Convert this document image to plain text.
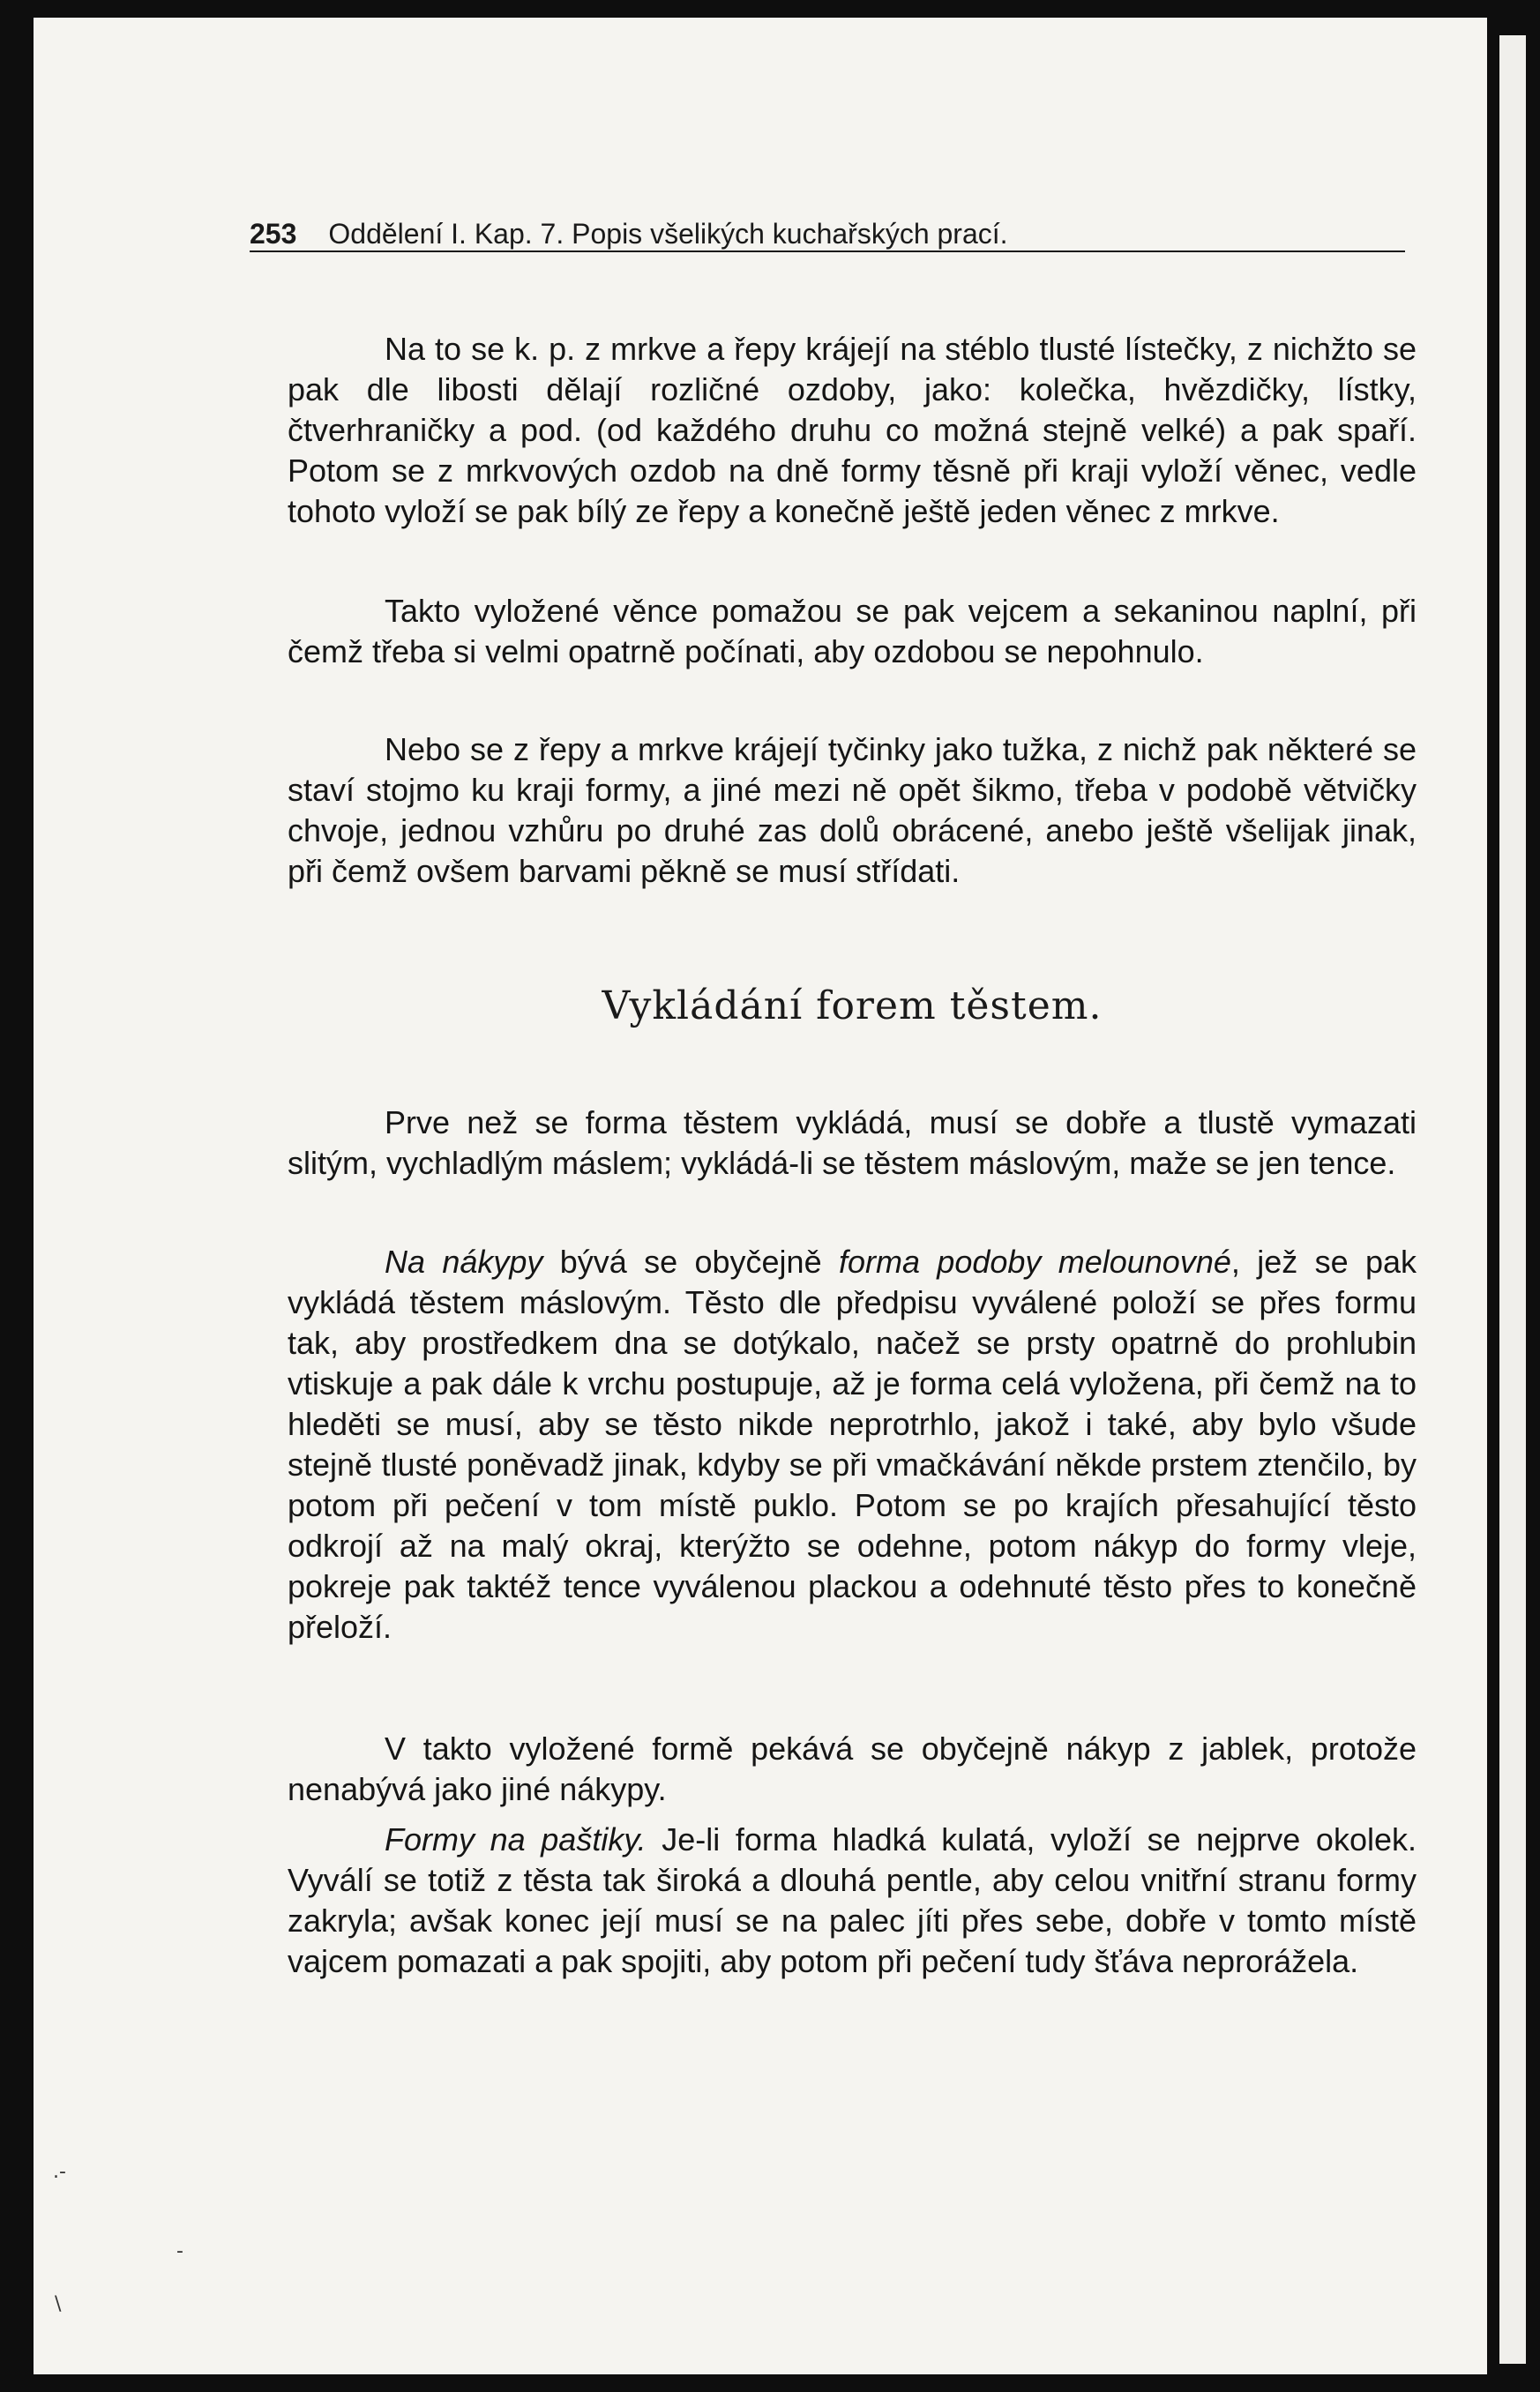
253 Oddělení I. Kap. 7. Popis všelikých kuchařských prací.

Na to se k. p. z mrkve a řepy krájejí na stéblo tlusté lístečky, z nichžto se pak dle libosti dělají rozličné ozdoby, jako: kolečka, hvězdičky, lístky, čtverhraničky a pod. (od každého druhu co možná stejně velké) a pak spaří. Potom se z mrkvových ozdob na dně formy těsně při kraji vyloží věnec, vedle tohoto vyloží se pak bílý ze řepy a konečně ještě jeden věnec z mrkve.

Takto vyložené věnce pomažou se pak vejcem a sekaninou naplní, při čemž třeba si velmi opatrně počínati, aby ozdobou se nepohnulo.

Nebo se z řepy a mrkve krájejí tyčinky jako tužka, z nichž pak některé se staví stojmo ku kraji formy, a jiné mezi ně opět šikmo, třeba v podobě větvičky chvoje, jednou vzhůru po druhé zas dolů obrácené, anebo ještě všelijak jinak, při čemž ovšem barvami pěkně se musí střídati.

Vykládání forem těstem.

Prve než se forma těstem vykládá, musí se dobře a tlustě vymazati slitým, vychladlým máslem; vykládá-li se těstem máslovým, maže se jen tence.

Na nákypy bývá se obyčejně forma podoby melounovné, jež se pak vykládá těstem máslovým. Těsto dle předpisu vyválené položí se přes formu tak, aby prostředkem dna se dotýkalo, načež se prsty opatrně do prohlubin vtiskuje a pak dále k vrchu postupuje, až je forma celá vyložena, při čemž na to hleděti se musí, aby se těsto nikde neprotrhlo, jakož i také, aby bylo všude stejně tlusté poněvadž jinak, kdyby se při vmačkávání někde prstem ztenčilo, by potom při pečení v tom místě puklo. Potom se po krajích přesahující těsto odkrojí až na malý okraj, kterýžto se odehne, potom nákyp do formy vleje, pokreje pak taktéž tence vyválenou plackou a odehnuté těsto přes to konečně přeloží.

V takto vyložené formě pekává se obyčejně nákyp z jablek, protože nenabývá jako jiné nákypy.

Formy na paštiky. Je-li forma hladká kulatá, vyloží se nejprve okolek. Vyválí se totiž z těsta tak široká a dlouhá pentle, aby celou vnitřní stranu formy zakryla; avšak konec její musí se na palec jíti přes sebe, dobře v tomto místě vajcem pomazati a pak spojiti, aby potom při pečení tudy šťáva neprorážela.

.-
-
\
